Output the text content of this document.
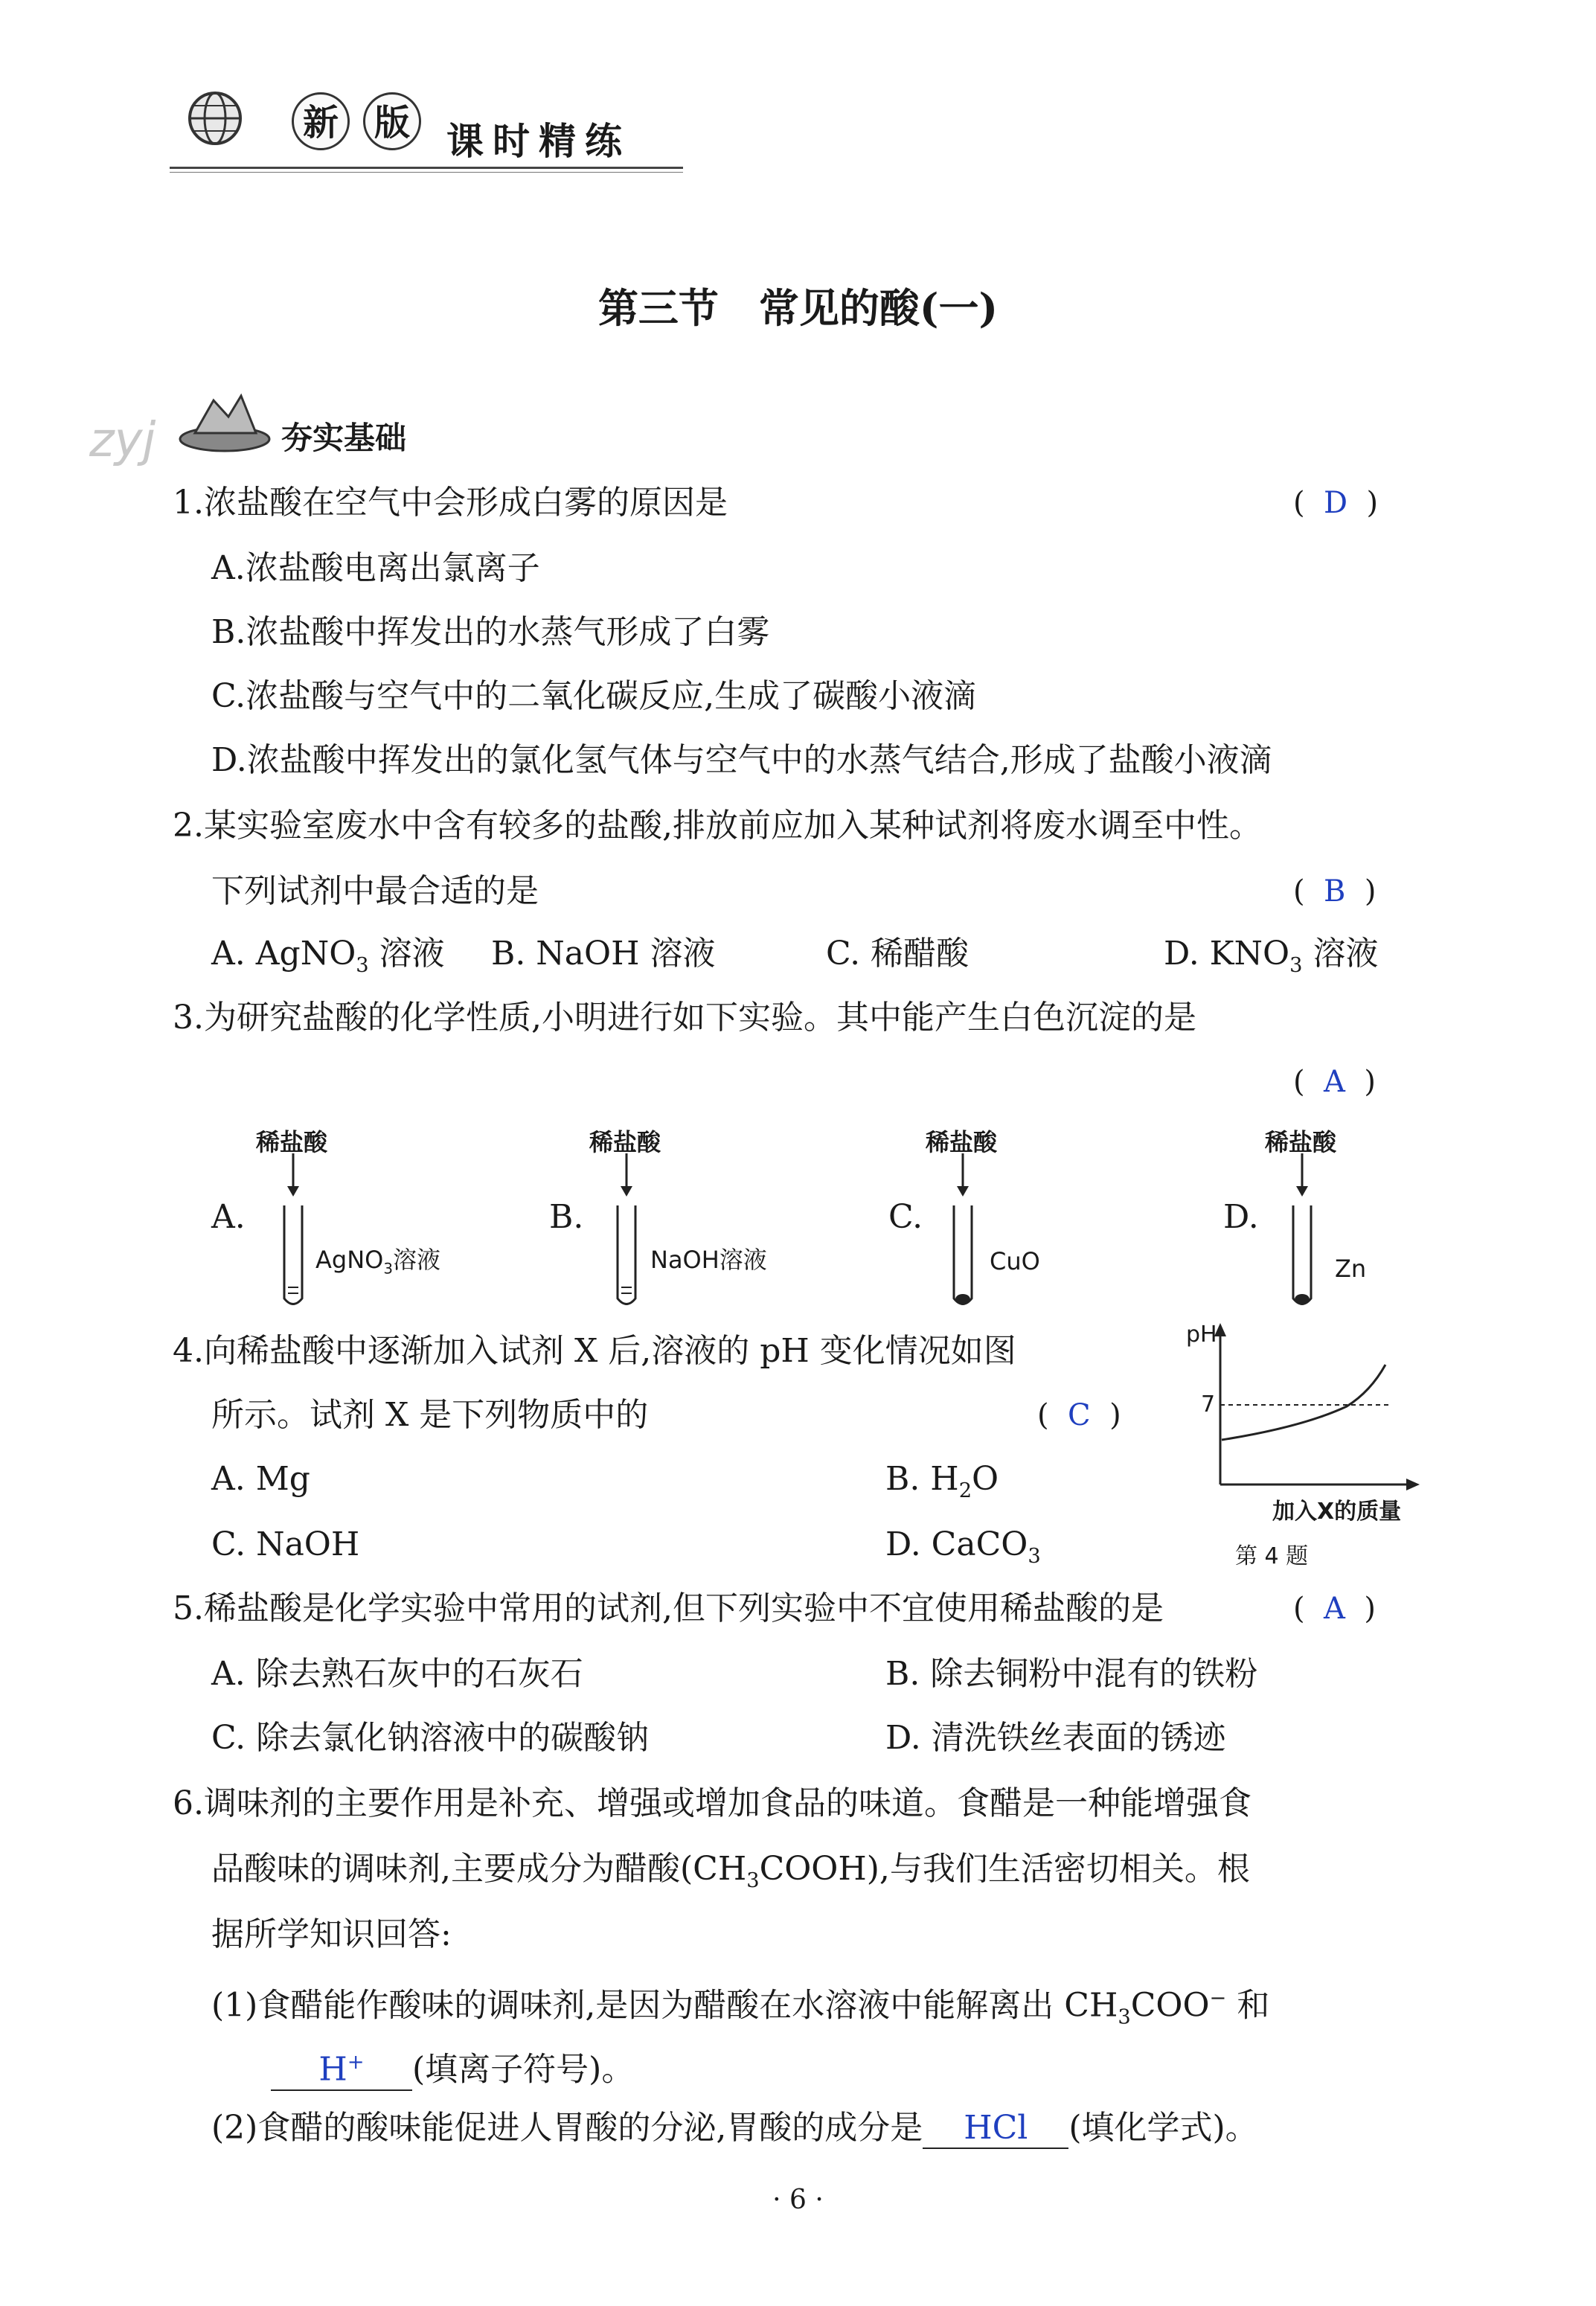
新 版 课时精练
第三节　常见的酸(一)
zyj	夯实基础
1.浓盐酸在空气中会形成白雾的原因是	(  D  )
A.浓盐酸电离出氯离子
B.浓盐酸中挥发出的水蒸气形成了白雾
C.浓盐酸与空气中的二氧化碳反应,生成了碳酸小液滴
D.浓盐酸中挥发出的氯化氢气体与空气中的水蒸气结合,形成了盐酸小液滴
2.某实验室废水中含有较多的盐酸,排放前应加入某种试剂将废水调至中性。
下列试剂中最合适的是	(  B  )
A. AgNO$_3$ 溶液 B. NaOH 溶液	C. 稀醋酸	D. $KNO_3$ 溶液
3.为研究盐酸的化学性质,小明进行如下实验。其中能产生白色沉淀的是
(  A  )
稀盐酸
A.
AgNO$_3$溶液
稀盐酸
B.
NaOH溶液
稀盐酸
C.
CuO
稀盐酸
D.
Zn
4.向稀盐酸中逐渐加入试剂 X 后,溶液的 pH 变化情况如图
所示。试剂 X 是下列物质中的	(  C  )
A. Mg	B. $H_2O$
C. NaOH	D. CaCO$_3$
pH
7
加入X的质量
第 4 题
5.稀盐酸是化学实验中常用的试剂,但下列实验中不宜使用稀盐酸的是	(  A  )
A. 除去熟石灰中的石灰石	B. 除去铜粉中混有的铁粉
C. 除去氯化钠溶液中的碳酸钠	D. 清洗铁丝表面的锈迹
6.调味剂的主要作用是补充、增强或增加食品的味道。食醋是一种能增强食
品酸味的调味剂,主要成分为醋酸$(CH_3COOH)$,与我们生活密切相关。根
据所学知识回答:
(1)食醋能作酸味的调味剂,是因为醋酸在水溶液中能解离出 $CH_3COO^-$ 和
H+ (填离子符号)。
(2)食醋的酸味能促进人胃酸的分泌,胃酸的成分是 HCl (填化学式)。
· 6 ·
